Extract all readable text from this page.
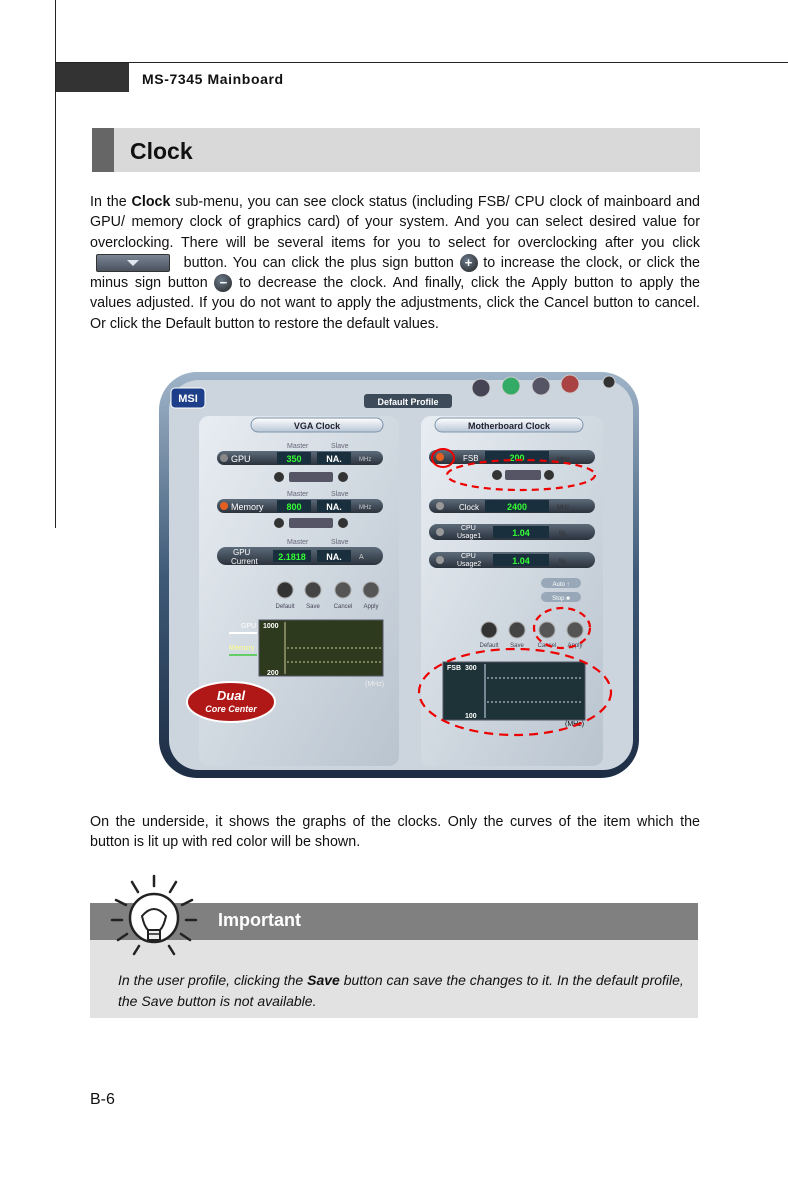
MS-7345 Mainboard
Clock
In the Clock sub-menu, you can see clock status (including FSB/ CPU clock of mainboard and GPU/ memory clock of graphics card) of your system. And you can select desired value for overclocking. There will be several items for you to select for overclocking after you click  button. You can click the plus sign button + to increase the clock, or click the minus sign button − to decrease the clock. And finally, click the Apply button to apply the values adjusted. If you do not want to apply the adjustments, click the Cancel button to cancel. Or click the Default button to restore the default values.
MSI	Default Profile
VGA Clock	Motherboard Clock
Master	Slave
GPU	350	NA.	MHz
Master	Slave
Memory	800	NA.	MHz
Master	Slave
GPU
Current 2.1818 NA. A
Default Save Cancel Apply
GPU
Memory
1000
200
(MHz)
Dual
Core Center
FSB	200	MHz
Clock	2400	MHz
CPU
Usage1	1.04	%
CPU
Usage2	1.04	%
Auto ↑
Stop ■
Default Save Cancel Apply
FSB 300
100
(MHz)
On the underside, it shows the graphs of the clocks. Only the curves of the item which the button is lit up with red color will be shown.
Important
In the user profile, clicking the Save button can save the changes to it. In the default profile, the Save button is not available.
B-6
